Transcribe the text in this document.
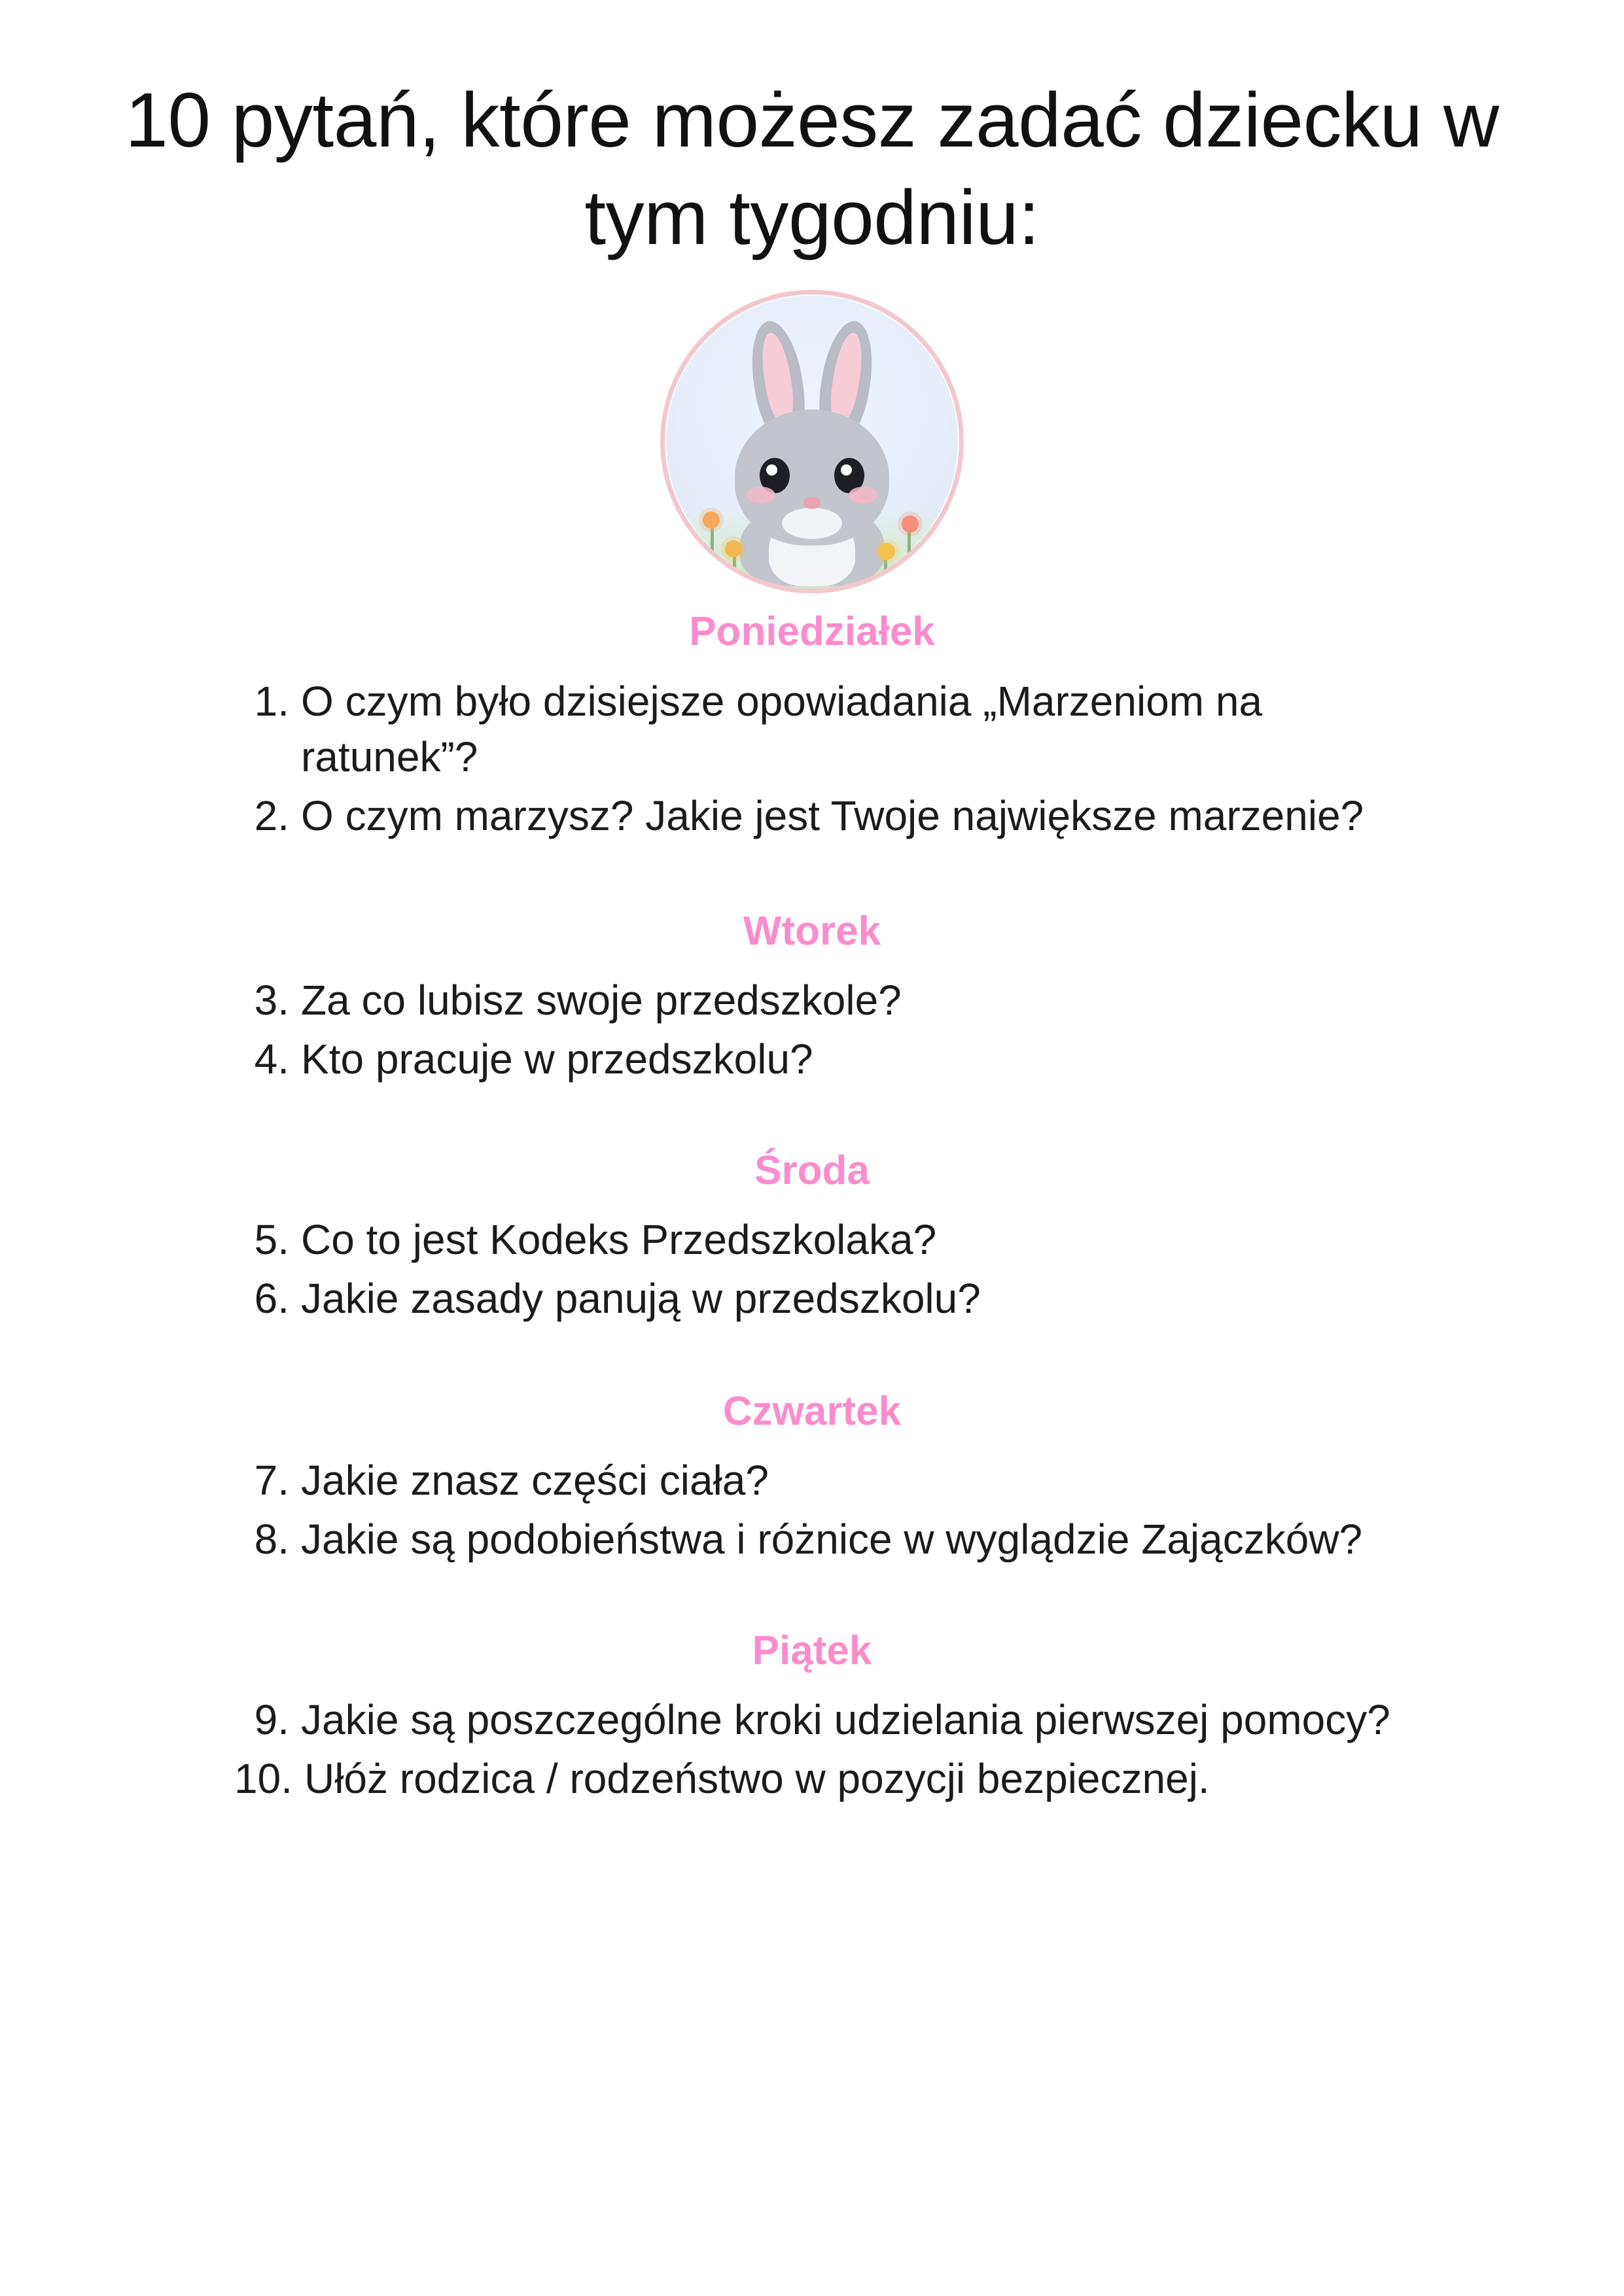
10 pytań, które możesz zadać dziecku w tym tygodniu:
Poniedziałek
1. O czym było dzisiejsze opowiadania „Marzeniom na ratunek”?
2. O czym marzysz? Jakie jest Twoje największe marzenie?
Wtorek
3. Za co lubisz swoje przedszkole?
4. Kto pracuje w przedszkolu?
Środa
5. Co to jest Kodeks Przedszkolaka?
6. Jakie zasady panują w przedszkolu?
Czwartek
7. Jakie znasz części ciała?
8. Jakie są podobieństwa i różnice w wyglądzie Zajączków?
Piątek
9. Jakie są poszczególne kroki udzielania pierwszej pomocy?
10. Ułóż rodzica / rodzeństwo w pozycji bezpiecznej.
